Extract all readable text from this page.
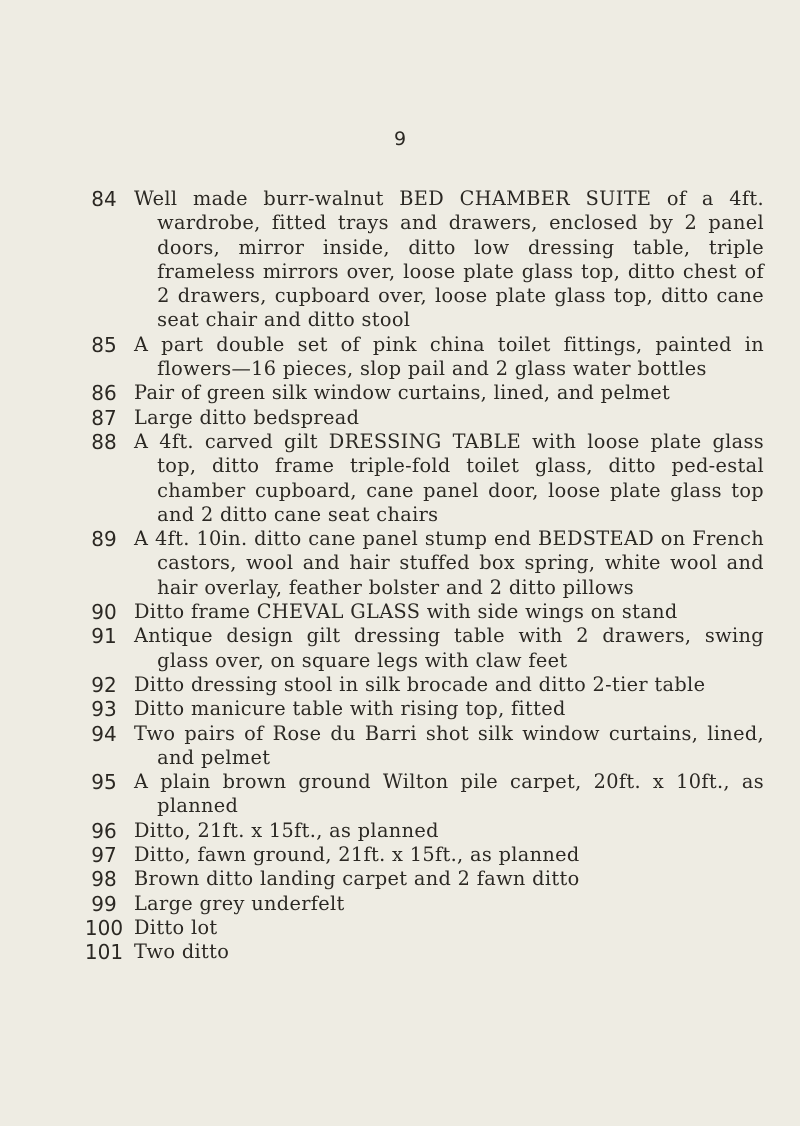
9
84 Well made burr-walnut BED CHAMBER SUITE of a 4ft. wardrobe, fitted trays and drawers, enclosed by 2 panel doors, mirror inside, ditto low dressing table, triple frameless mirrors over, loose plate glass top, ditto chest of 2 drawers, cupboard over, loose plate glass top, ditto cane seat chair and ditto stool
85 A part double set of pink china toilet fittings, painted in flowers—16 pieces, slop pail and 2 glass water bottles
86 Pair of green silk window curtains, lined, and pelmet
87 Large ditto bedspread
88 A 4ft. carved gilt DRESSING TABLE with loose plate glass top, ditto frame triple-fold toilet glass, ditto ped-estal chamber cupboard, cane panel door, loose plate glass top and 2 ditto cane seat chairs
89 A 4ft. 10in. ditto cane panel stump end BEDSTEAD on French castors, wool and hair stuffed box spring, white wool and hair overlay, feather bolster and 2 ditto pillows
90 Ditto frame CHEVAL GLASS with side wings on stand
91 Antique design gilt dressing table with 2 drawers, swing glass over, on square legs with claw feet
92 Ditto dressing stool in silk brocade and ditto 2-tier table
93 Ditto manicure table with rising top, fitted
94 Two pairs of Rose du Barri shot silk window curtains, lined, and pelmet
95 A plain brown ground Wilton pile carpet, 20ft. x 10ft., as planned
96 Ditto, 21ft. x 15ft., as planned
97 Ditto, fawn ground, 21ft. x 15ft., as planned
98 Brown ditto landing carpet and 2 fawn ditto
99 Large grey underfelt
100 Ditto lot
101 Two ditto
